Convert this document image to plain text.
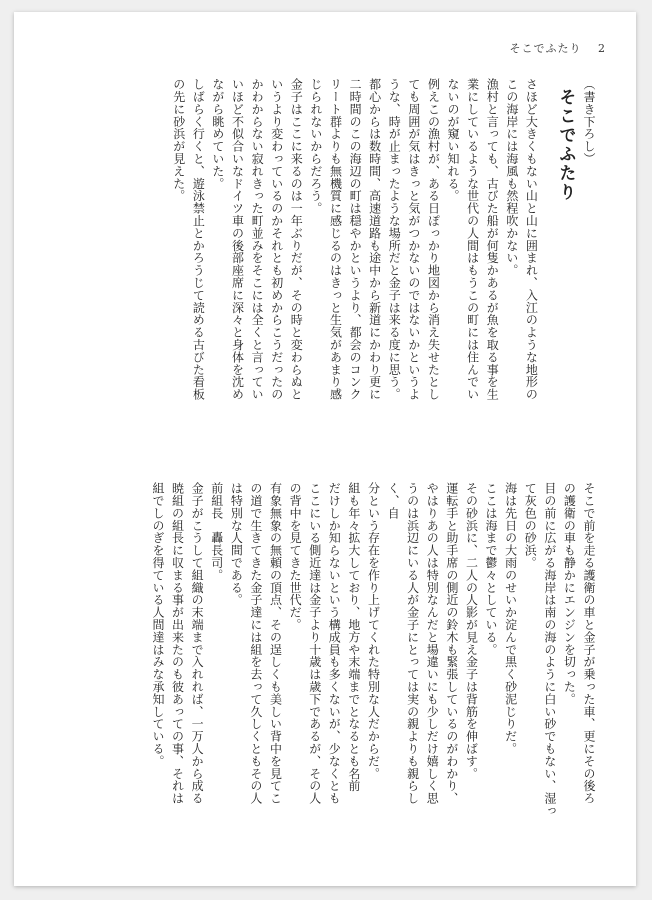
そこでふたり 2

（書き下ろし）

そこでふたり

さほど大きくもない山と山に囲まれ、入江のような地形の

この海岸には海風も然程吹かない。

漁村と言っても、古びた船が何隻かあるが魚を取る事を生

業にしているような世代の人間はもうこの町には住んでい

ないのが窺い知れる。

例えこの漁村が、ある日ぽっかり地図から消え失せたとし

ても周囲が気はきっと気がつかないのではないかというよ

うな、時が止まったような場所だと金子は来る度に思う。

都心からは数時間、高速道路も途中から新道にかわり更に

二時間のこの海辺の町は穏やかというより、都会のコンク

リート群よりも無機質に感じるのはきっと生気があまり感

じられないからだろう。

金子はここに来るのは一年ぶりだが、その時と変わらぬと

いうより変わっているのかそれとも初めからこうだったの

かわからない寂れきった町並みをそこには全くと言ってい

いほど不似合いなドイツ車の後部座席に深々と身体を沈め

ながら眺めていた。

しばらく行くと、遊泳禁止とかろうじて読める古びた看板

の先に砂浜が見えた。

そこで前を走る護衛の車と金子が乗った車、更にその後ろ

の護衛の車も静かにエンジンを切った。

目の前に広がる海岸は南の海のように白い砂でもない、湿っ

て灰色の砂浜。

海は先日の大雨のせいか淀んで黒く砂泥じりだ。

ここは海まで鬱々としている。

その砂浜に、二人の人影が見え金子は背筋を伸ばす。

運転手と助手席の側近の鈴木も緊張しているのがわかり、

やはりあの人は特別なんだと場違いにも少しだけ嬉しく思

うのは浜辺にいる人が金子にとっては実の親よりも親らしく、自

分という存在を作り上げてくれた特別な人だからだ。

組も年々拡大しており、地方や末端までとなるとも名前

だけしか知らないという構成員も多くないが、少なくとも

ここにいる側近達は金子より十歳は歳下であるが、その人

の背中を見てきた世代だ。

有象無象の無頼の頂点、その逞しくも美しい背中を見てこ

の道で生きてきた金子達には組を去って久しくともその人

は特別な人間である。

前組長　轟長司。

金子がこうして組織の末端まで入れれば、一万人から成る

暁組の組長に収まる事が出来たのも彼あっての事、それは

組でしのぎを得ている人間達はみな承知している。
